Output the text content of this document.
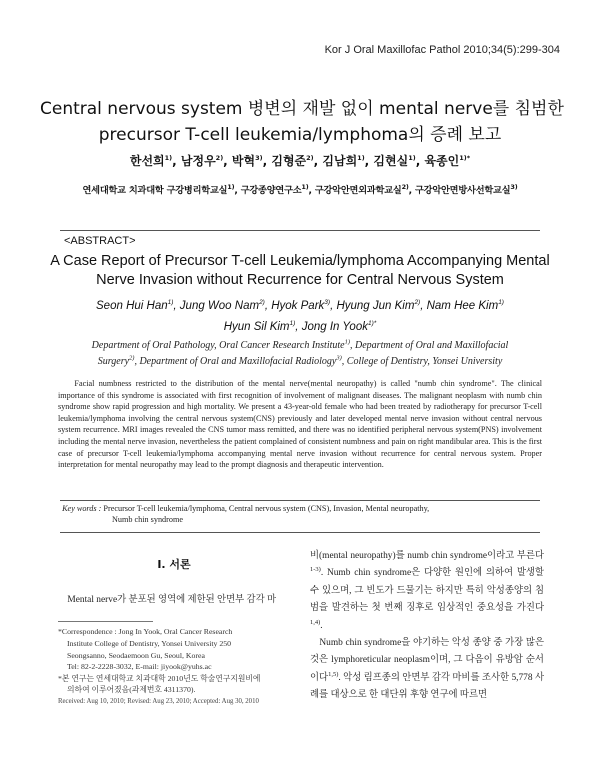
Kor J Oral Maxillofac Pathol 2010;34(5):299-304
Central nervous system 병변의 재발 없이 mental nerve를 침범한
precursor T-cell leukemia/lymphoma의 증례 보고
한선희$^{1)}$, 남정우$^{2)}$, 박혁$^{3)}$, 김형준$^{2)}$, 김남희$^{1)}$, 김현실$^{1)}$, 육종인$^{1)*}$
연세대학교 치과대학 구강병리학교실$^{1)}$, 구강종양연구소$^{1)}$, 구강악안면외과학교실$^{2)}$, 구강악안면방사선학교실$^{3)}$
<ABSTRACT>
A Case Report of Precursor T-cell Leukemia/lymphoma Accompanying Mental
Nerve Invasion without Recurrence for Central Nervous System
Seon Hui Han$^{1)}$, Jung Woo Nam$^{2)}$, Hyok Park$^{3)}$, Hyung Jun Kim$^{2)}$, Nam Hee Kim$^{1)}$
Hyun Sil Kim$^{1)}$, Jong In Yook$^{1)*}$
Department of Oral Pathology, Oral Cancer Research Institute$^{1)}$, Department of Oral and Maxillofacial
Surgery$^{2)}$, Department of Oral and Maxillofacial Radiology$^{3)}$, College of Dentistry, Yonsei University

Facial numbness restricted to the distribution of the mental nerve(mental neuropathy) is called "numb chin syndrome". The clinical importance of this syndrome is associated with first recognition of involvement of malignant diseases. The malignant neoplasm with numb chin syndrome show rapid progression and high mortality. We present a 43-year-old female who had been treated by radiotherapy for precursor T-cell leukemia/lymphoma involving the central nervous system(CNS) previously and later developed mental nerve invasion without central nervous system recurrence. MRI images revealed the CNS tumor mass remitted, and there was no identified peripheral nervous system(PNS) involvement including the mental nerve invasion, nevertheless the patient complained of consistent numbness and pain on right mandibular area. This is the first case of precursor T-cell leukemia/lymphoma accompanying mental nerve invasion without recurrence for central nervous system. Proper interpretation for mental neuropathy may lead to the prompt diagnosis and therapeutic intervention.

Key words : Precursor T-cell leukemia/lymphoma, Central nervous system (CNS), Invasion, Mental neuropathy,
Numb chin syndrome
I. 서론
Mental nerve가 분포된 영역에 제한된 안면부 감각 마
*Correspondence : Jong In Yook, Oral Cancer Research
Institute College of Dentistry, Yonsei University 250
Seongsanno, Seodaemoon Gu, Seoul, Korea
Tel: 82-2-2228-3032, E-mail: jiyook@yuhs.ac
*본 연구는 연세대학교 치과대학 2010년도 학술연구지원비에
의하여 이루어졌음(과제번호 4311370).
Received: Aug 10, 2010; Revised: Aug 23, 2010; Accepted: Aug 30, 2010

비(mental neuropathy)를 numb chin syndrome이라고 부른다$^{1-3)}$. Numb chin syndrome은 다양한 원인에 의하여 발생할 수 있으며, 그 빈도가 드물기는 하지만 특히 악성종양의 침범을 발견하는 첫 번째 징후로 임상적인 중요성을 가진다$^{1,4)}$.

Numb chin syndrome을 야기하는 악성 종양 중 가장 많은 것은 lymphoreticular neoplasm이며, 그 다음이 유방암 순서이다$^{1,5)}$. 악성 림프종의 안면부 감각 마비를 조사한 5,778 사례를 대상으로 한 대단위 후향 연구에 따르면
